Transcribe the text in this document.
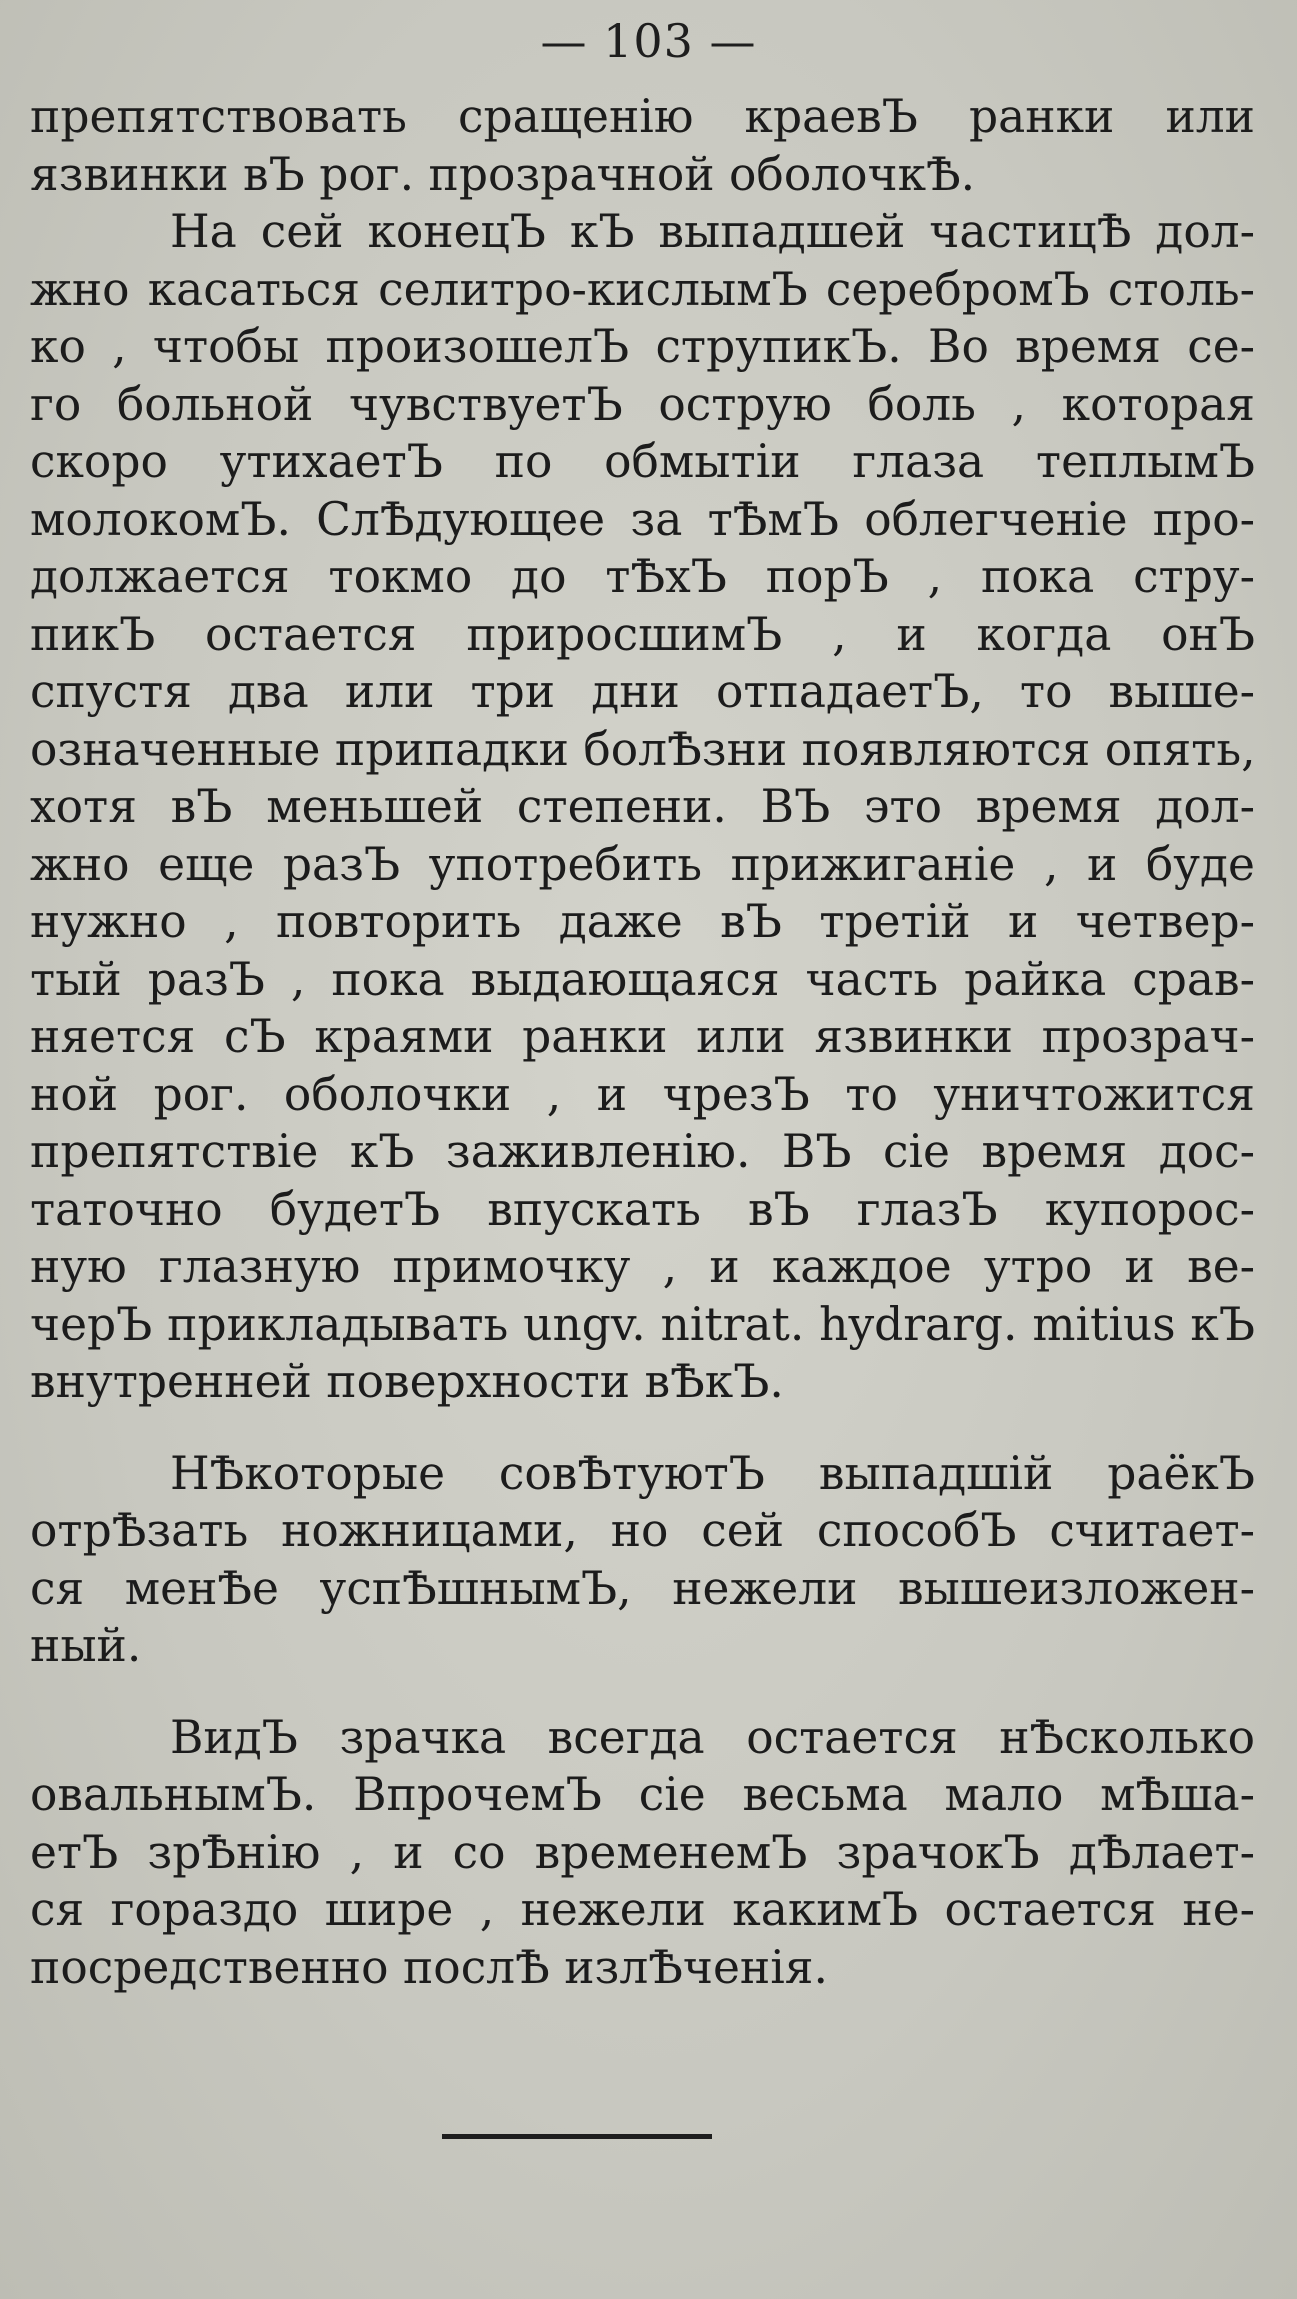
— 103 —
препятствовать сращенію краевЪ ранки или
язвинки вЪ рог. прозрачной оболочкѢ.
На сей конецЪ кЪ выпадшей частицѢ дол-
жно касаться селитро-кислымЪ серебромЪ столь-
ко , чтобы произошелЪ струпикЪ. Во время се-
го больной чувствуетЪ острую боль , которая
скоро утихаетЪ по обмытіи глаза теплымЪ
молокомЪ. СлѢдующее за тѢмЪ облегченіе про-
должается токмо до тѢхЪ порЪ , пока стру-
пикЪ остается приросшимЪ , и когда онЪ
спустя два или три дни отпадаетЪ, то выше-
означенные припадки болѢзни появляются опять,
хотя вЪ меньшей степени. ВЪ это время дол-
жно еще разЪ употребить прижиганіе , и буде
нужно , повторить даже вЪ третій и четвер-
тый разЪ , пока выдающаяся часть райка срав-
няется сЪ краями ранки или язвинки прозрач-
ной рог. оболочки , и чрезЪ то уничтожится
препятствіе кЪ заживленію. ВЪ сіе время дос-
таточно будетЪ впускать вЪ глазЪ купорос-
ную глазную примочку , и каждое утро и ве-
черЪ прикладывать ungv. nitrat. hydrarg. mitius кЪ
внутренней поверхности вѢкЪ.
НѢкоторые совѢтуютЪ выпадшій раёкЪ
отрѢзать ножницами, но сей способЪ считает-
ся менѢе успѢшнымЪ, нежели вышеизложен-
ный.
ВидЪ зрачка всегда остается нѢсколько
овальнымЪ. ВпрочемЪ сіе весьма мало мѢша-
етЪ зрѢнію , и со временемЪ зрачокЪ дѢлает-
ся гораздо шире , нежели какимЪ остается не-
посредственно послѢ излѢченія.
